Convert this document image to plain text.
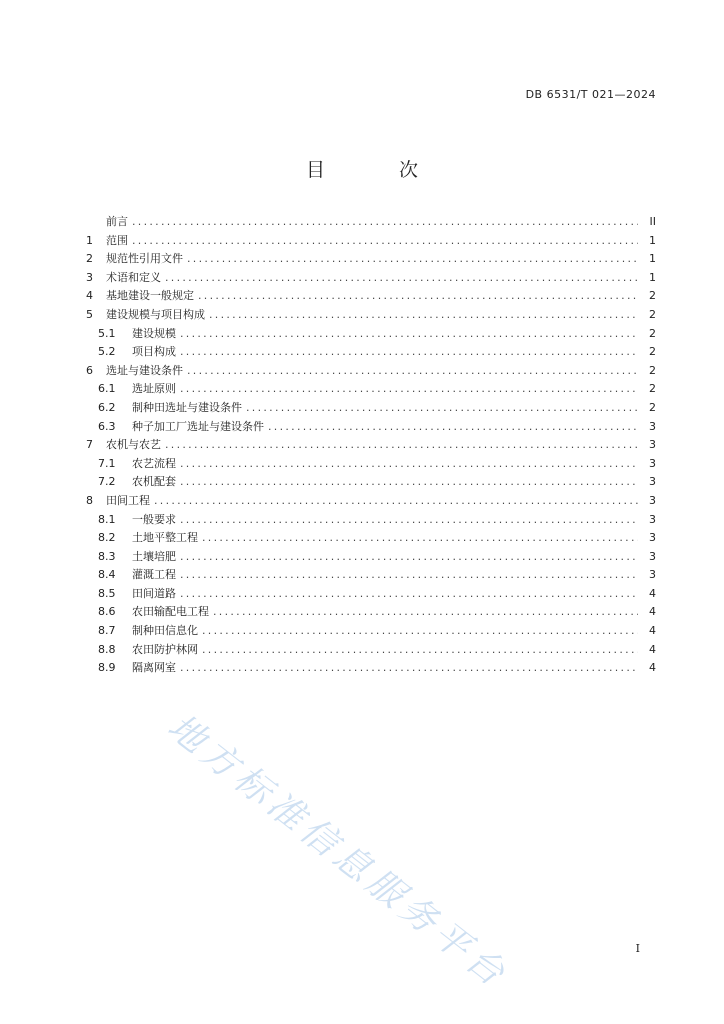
DB 6531/T 021—2024
目 次
前言 .....	II
1	范围 .....	1
2	规范性引用文件 .....	1
3	术语和定义 .....	1
4	基地建设一般规定 .....	2
5	建设规模与项目构成 .....	2
5.1	建设规模 .....	2
5.2	项目构成 .....	2
6	选址与建设条件 .....	2
6.1	选址原则 .....	2
6.2	制种田选址与建设条件 .....	2
6.3	种子加工厂选址与建设条件 .....	3
7	农机与农艺 .....	3
7.1	农艺流程 .....	3
7.2	农机配套 .....	3
8	田间工程 .....	3
8.1	一般要求 .....	3
8.2	土地平整工程 .....	3
8.3	土壤培肥 .....	3
8.4	灌溉工程 .....	3
8.5	田间道路 .....	4
8.6	农田输配电工程 .....	4
8.7	制种田信息化 .....	4
8.8	农田防护林网 .....	4
8.9	隔离网室 .....	4
I
地方标准信息服务平台
